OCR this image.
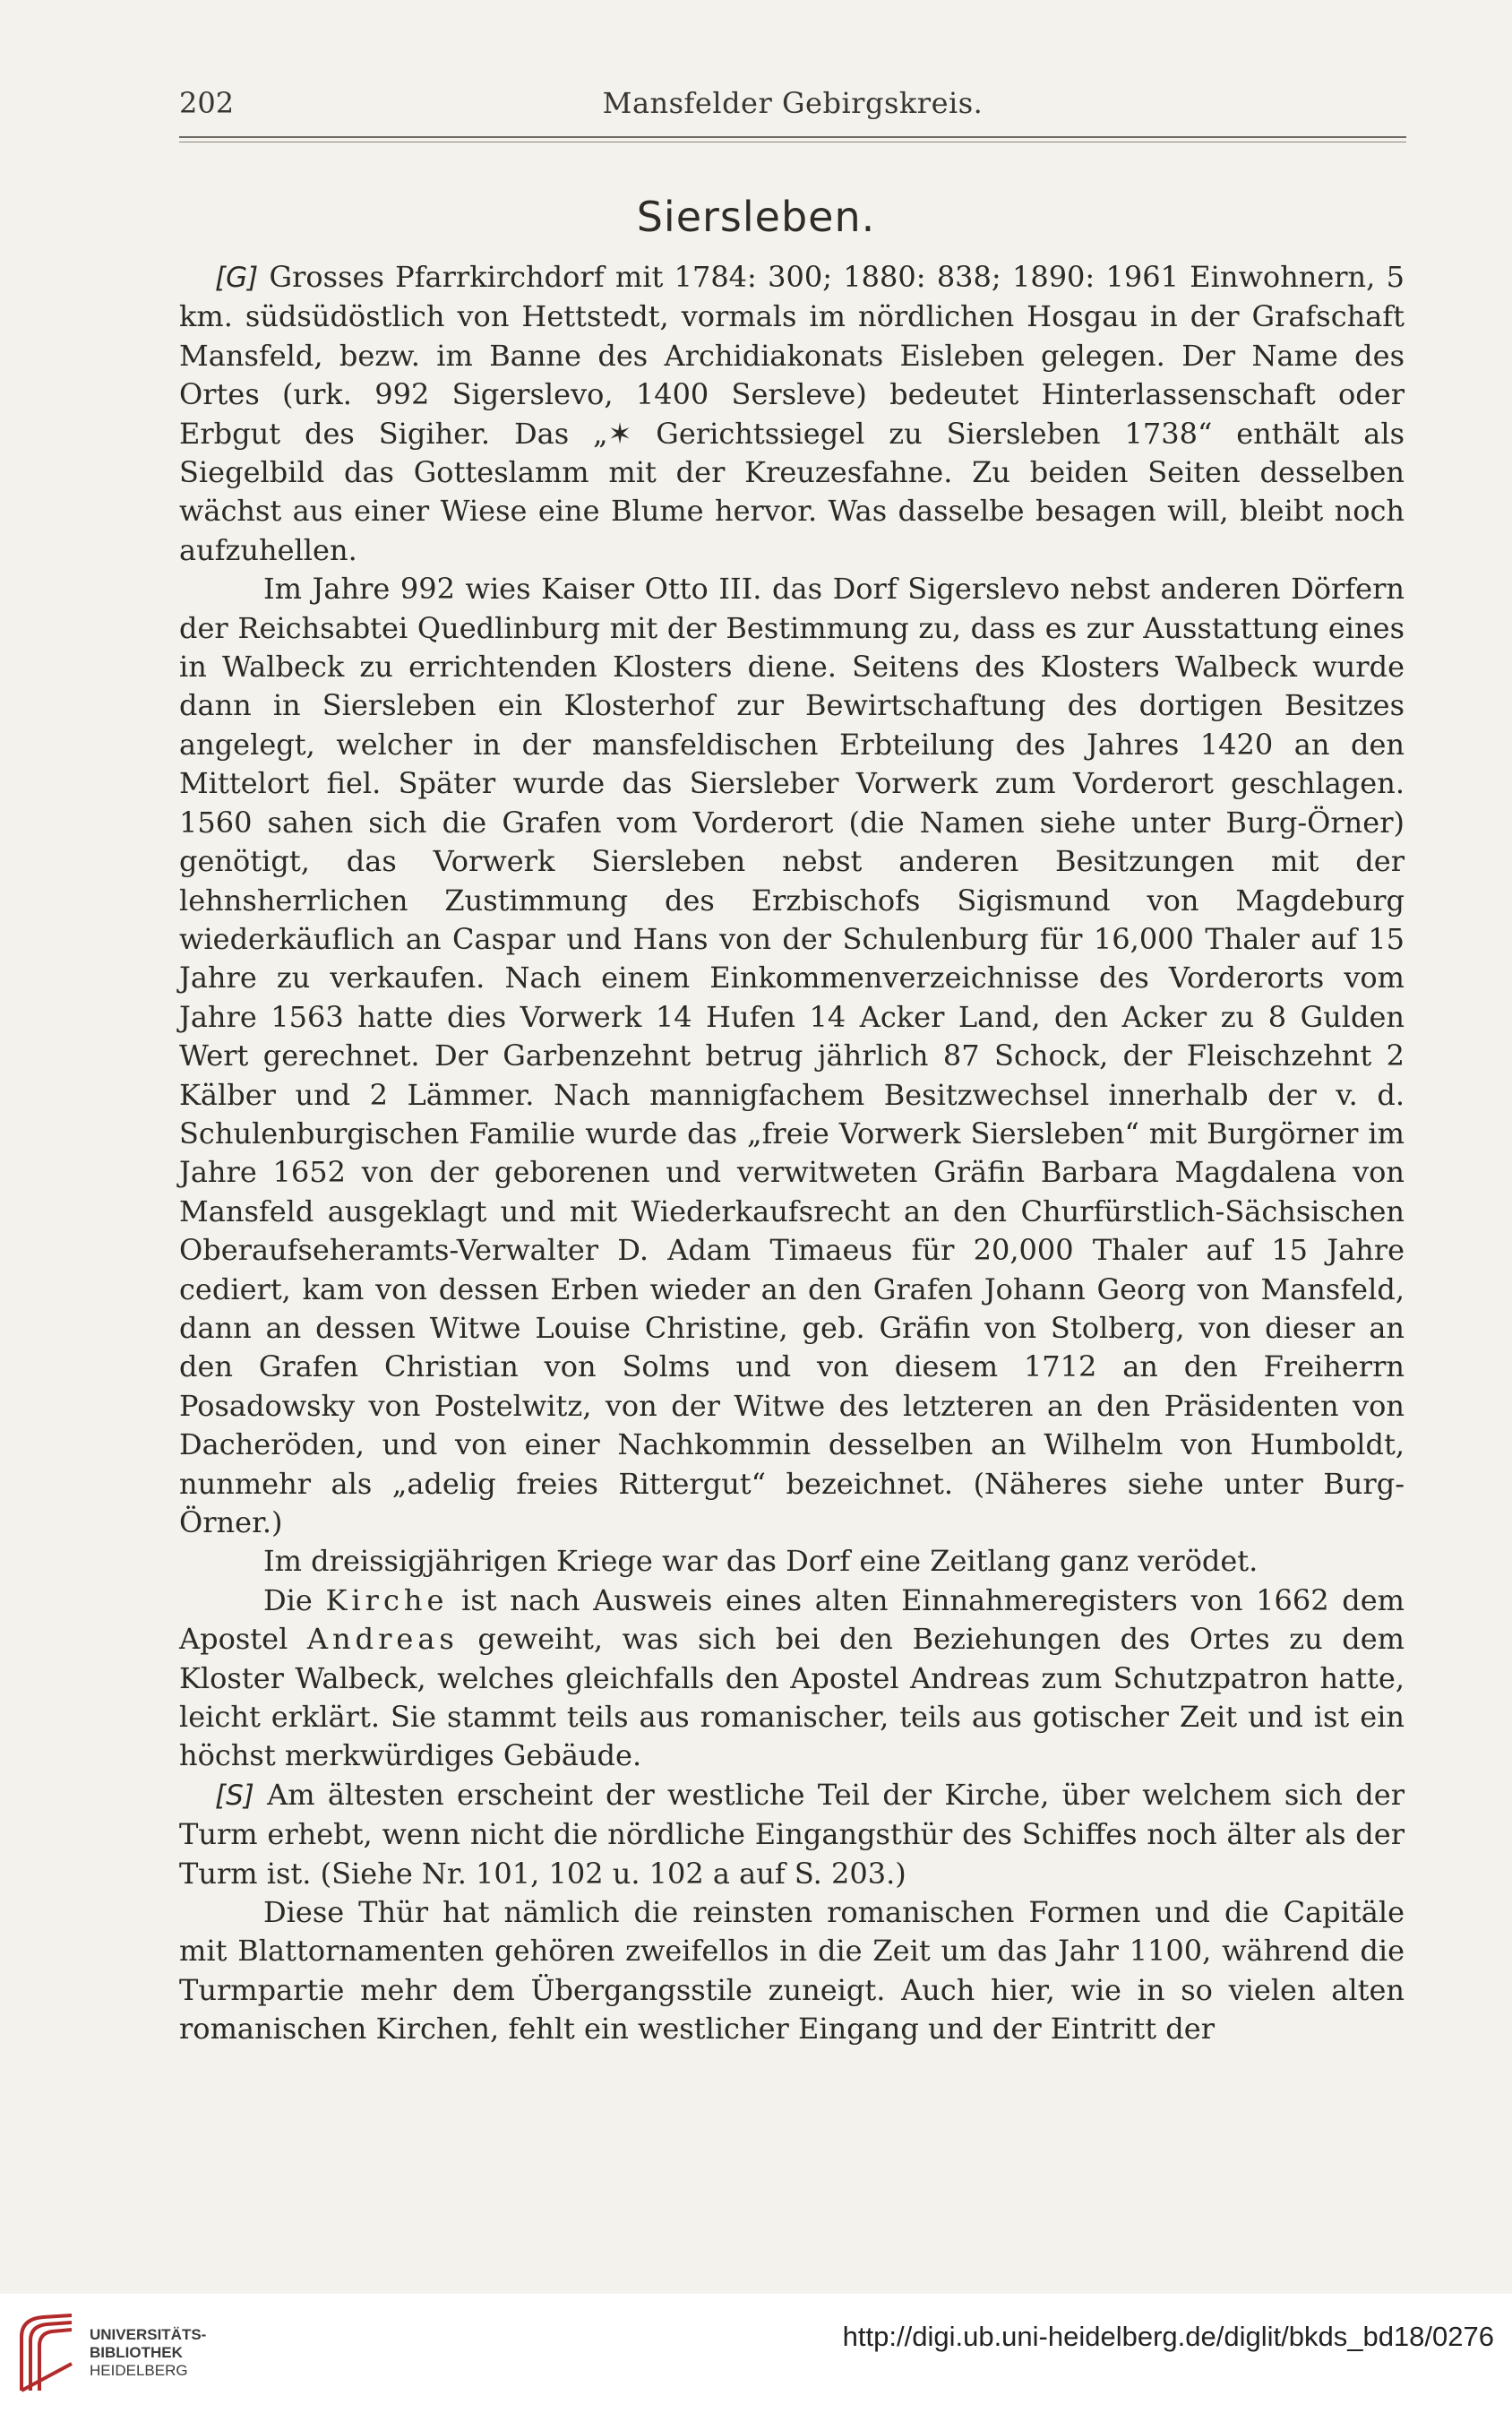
202	Mansfelder Gebirgskreis.
Siersleben.

[G] Grosses Pfarrkirchdorf mit 1784: 300; 1880: 838; 1890: 1961 Einwohnern, 5 km. südsüdöstlich von Hettstedt, vormals im nördlichen Hosgau in der Grafschaft Mansfeld, bezw. im Banne des Archidiakonats Eisleben gelegen. Der Name des Ortes (urk. 992 Sigerslevo, 1400 Sersleve) bedeutet Hinterlassenschaft oder Erbgut des Sigiher. Das „✶ Gerichtssiegel zu Siersleben 1738“ enthält als Siegelbild das Gotteslamm mit der Kreuzesfahne. Zu beiden Seiten desselben wächst aus einer Wiese eine Blume hervor. Was dasselbe besagen will, bleibt noch aufzuhellen.

Im Jahre 992 wies Kaiser Otto III. das Dorf Sigerslevo nebst anderen Dörfern der Reichsabtei Quedlinburg mit der Bestimmung zu, dass es zur Ausstattung eines in Walbeck zu errichtenden Klosters diene. Seitens des Klosters Walbeck wurde dann in Siersleben ein Klosterhof zur Bewirtschaftung des dortigen Besitzes angelegt, welcher in der mansfeldischen Erbteilung des Jahres 1420 an den Mittelort fiel. Später wurde das Siersleber Vorwerk zum Vorderort geschlagen. 1560 sahen sich die Grafen vom Vorderort (die Namen siehe unter Burg-Örner) genötigt, das Vorwerk Siersleben nebst anderen Besitzungen mit der lehnsherrlichen Zustimmung des Erzbischofs Sigismund von Magdeburg wiederkäuflich an Caspar und Hans von der Schulenburg für 16,000 Thaler auf 15 Jahre zu verkaufen. Nach einem Einkommenverzeichnisse des Vorderorts vom Jahre 1563 hatte dies Vorwerk 14 Hufen 14 Acker Land, den Acker zu 8 Gulden Wert gerechnet. Der Garbenzehnt betrug jährlich 87 Schock, der Fleischzehnt 2 Kälber und 2 Lämmer. Nach mannigfachem Besitzwechsel innerhalb der v. d. Schulenburgischen Familie wurde das „freie Vorwerk Siersleben“ mit Burgörner im Jahre 1652 von der geborenen und verwitweten Gräfin Barbara Magdalena von Mansfeld ausgeklagt und mit Wiederkaufsrecht an den Churfürstlich-Sächsischen Oberaufseheramts-Verwalter D. Adam Timaeus für 20,000 Thaler auf 15 Jahre cediert, kam von dessen Erben wieder an den Grafen Johann Georg von Mansfeld, dann an dessen Witwe Louise Christine, geb. Gräfin von Stolberg, von dieser an den Grafen Christian von Solms und von diesem 1712 an den Freiherrn Posadowsky von Postelwitz, von der Witwe des letzteren an den Präsidenten von Dacheröden, und von einer Nachkommin desselben an Wilhelm von Humboldt, nunmehr als „adelig freies Rittergut“ bezeichnet. (Näheres siehe unter Burg-Örner.)

Im dreissigjährigen Kriege war das Dorf eine Zeitlang ganz verödet.

Die Kirche ist nach Ausweis eines alten Einnahmeregisters von 1662 dem Apostel Andreas geweiht, was sich bei den Beziehungen des Ortes zu dem Kloster Walbeck, welches gleichfalls den Apostel Andreas zum Schutzpatron hatte, leicht erklärt. Sie stammt teils aus romanischer, teils aus gotischer Zeit und ist ein höchst merkwürdiges Gebäude.

[S] Am ältesten erscheint der westliche Teil der Kirche, über welchem sich der Turm erhebt, wenn nicht die nördliche Eingangsthür des Schiffes noch älter als der Turm ist. (Siehe Nr. 101, 102 u. 102 a auf S. 203.)

Diese Thür hat nämlich die reinsten romanischen Formen und die Capitäle mit Blattornamenten gehören zweifellos in die Zeit um das Jahr 1100, während die Turmpartie mehr dem Übergangsstile zuneigt. Auch hier, wie in so vielen alten romanischen Kirchen, fehlt ein westlicher Eingang und der Eintritt der

UNIVERSITÄTS-
BIBLIOTHEK
HEIDELBERG
http://digi.ub.uni-heidelberg.de/diglit/bkds_bd18/0276
